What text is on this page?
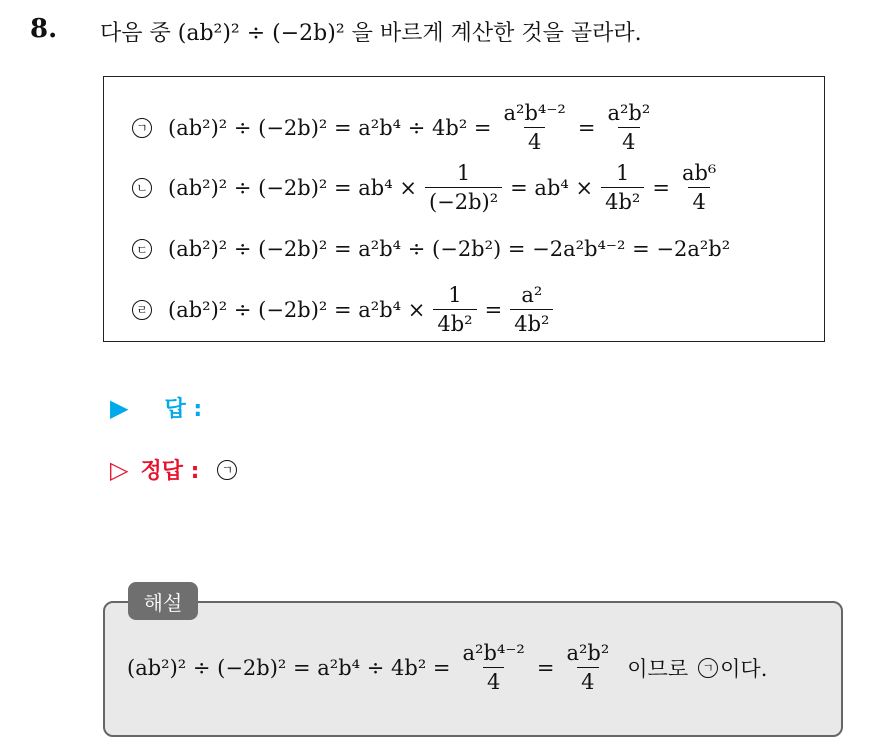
8. 다음 중 (ab²)² ÷ (−2b)² 을 바르게 계산한 것을 골라라.
ㄱ $(ab^2)^2 \div (-2b)^2 = a^2b^4 \div 4b^2 = \frac{\text{a²b⁴⁻²}}{4} = \frac{\text{a²b²}}{4}$
ㄴ $(ab^2)^2 \div (-2b)^2 = ab^4 \times \frac{1}{\text{(−2b)²}} = ab^4 \times \frac{1}{\text{4b²}} = \frac{\text{ab⁶}}{4}$
ㄷ (ab²)² ÷ (−2b)² = a²b⁴ ÷ (−2b²) = −2a²b⁴⁻² = −2a²b²
ㄹ $(ab^2)^2 \div (-2b)^2 = a^2b^4 \times \frac{1}{\text{4b²}} = \frac{\text{a²}}{\text{4b²}}$
▶ 답 :
▷ 정답 :	ㄱ
해설
$(ab^2)^2 \div (-2b)^2 = a^2b^4 \div 4b^2 = \frac{\text{a²b⁴⁻²}}{4} = \frac{\text{a²b²}}{4}$ 이므로	ㄱ 이다.
